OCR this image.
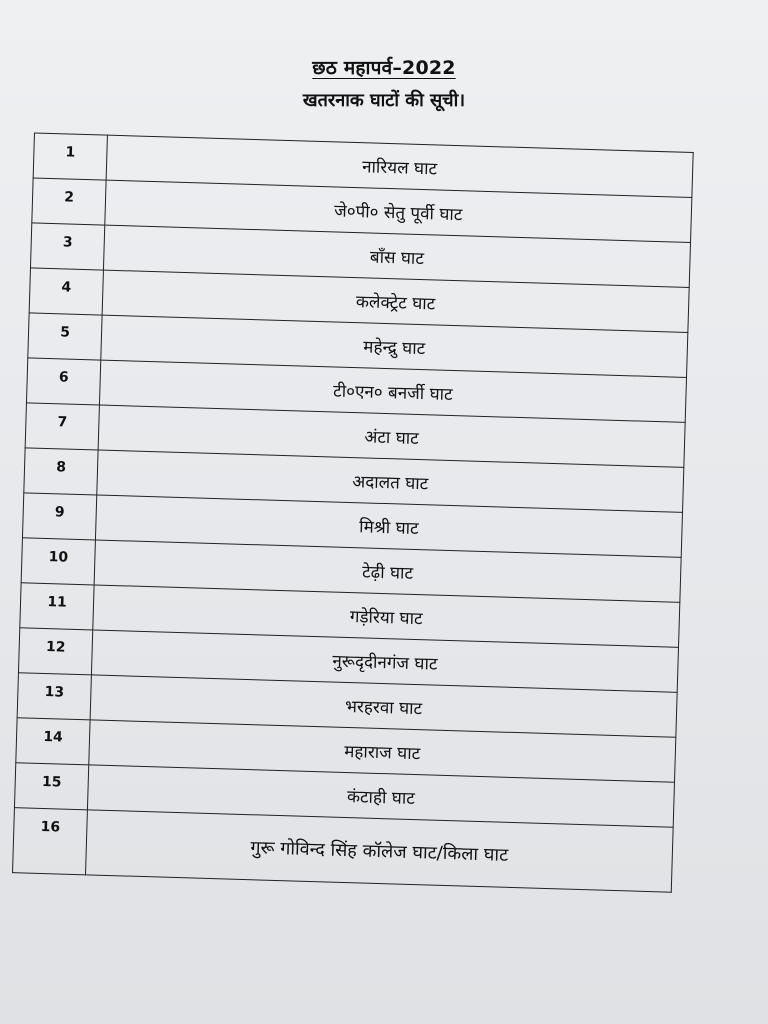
छठ महापर्व–2022
खतरनाक घाटों की सूची।
1	नारियल घाट
2	जे०पी० सेतु पूर्वी घाट
3	बाँस घाट
4	कलेक्ट्रेट घाट
5	महेन्द्रु घाट
6	टी०एन० बनर्जी घाट
7	अंटा घाट
8	अदालत घाट
9	मिश्री घाट
10	टेढ़ी घाट
11	गड़ेरिया घाट
12	नुरूदृदीनगंज घाट
13	भरहरवा घाट
14	महाराज घाट
15	कंटाही घाट
16	गुरू गोविन्द सिंह कॉलेज घाट/किला घाट
